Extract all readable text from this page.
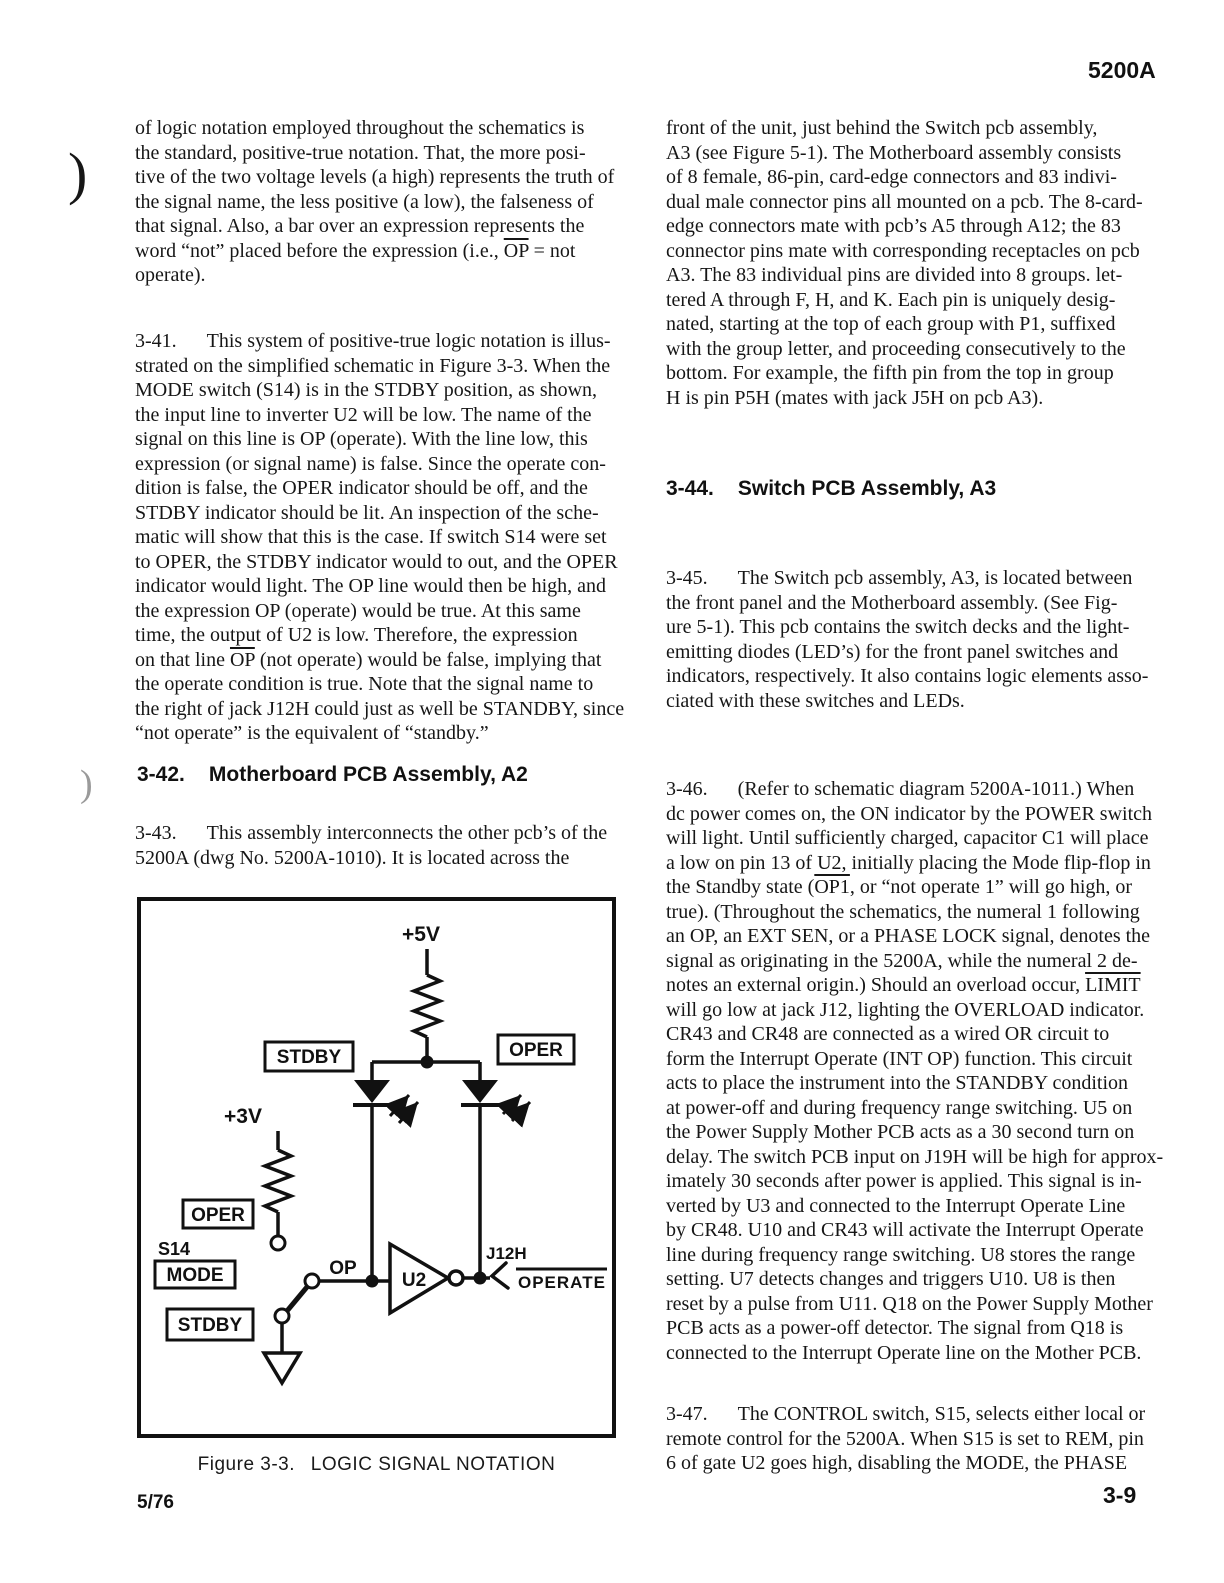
5200A
)
)
of logic notation employed throughout the schematics is
the standard, positive-true notation. That, the more posi-
tive of the two voltage levels (a high) represents the truth of
the signal name, the less positive (a low), the falseness of
that signal. Also, a bar over an expression represents the
word “not” placed before the expression (i.e., $\overline{OP}$ = not
operate).
3-41.  This system of positive-true logic notation is illus-
strated on the simplified schematic in Figure 3-3. When the
MODE switch (S14) is in the STDBY position, as shown,
the input line to inverter U2 will be low. The name of the
signal on this line is OP (operate). With the line low, this
expression (or signal name) is false. Since the operate con-
dition is false, the OPER indicator should be off, and the
STDBY indicator should be lit. An inspection of the sche-
matic will show that this is the case. If switch S14 were set
to OPER, the STDBY indicator would to out, and the OPER
indicator would light. The OP line would then be high, and
the expression OP (operate) would be true. At this same
time, the output of U2 is low. Therefore, the expression
on that line $\overline{OP}$ (not operate) would be false, implying that
the operate condition is true. Note that the signal name to
the right of jack J12H could just as well be STANDBY, since
“not operate” is the equivalent of “standby.”
3-42. Motherboard PCB Assembly, A2
3-43.  This assembly interconnects the other pcb’s of the
5200A (dwg No. 5200A-1010). It is located across the
+5V
STDBY	OPER
+3V
OPER
S14
MODE
STDBY
OP
U2
J12H
OPERATE
Figure 3-3.  LOGIC SIGNAL NOTATION
front of the unit, just behind the Switch pcb assembly,
A3 (see Figure 5-1). The Motherboard assembly consists
of 8 female, 86-pin, card-edge connectors and 83 indivi-
dual male connector pins all mounted on a pcb. The 8-card-
edge connectors mate with pcb’s A5 through A12; the 83
connector pins mate with corresponding receptacles on pcb
A3. The 83 individual pins are divided into 8 groups. let-
tered A through F, H, and K. Each pin is uniquely desig-
nated, starting at the top of each group with P1, suffixed
with the group letter, and proceeding consecutively to the
bottom. For example, the fifth pin from the top in group
H is pin P5H (mates with jack J5H on pcb A3).
3-44. Switch PCB Assembly, A3
3-45.  The Switch pcb assembly, A3, is located between
the front panel and the Motherboard assembly. (See Fig-
ure 5-1). This pcb contains the switch decks and the light-
emitting diodes (LED’s) for the front panel switches and
indicators, respectively. It also contains logic elements asso-
ciated with these switches and LEDs.
3-46.  (Refer to schematic diagram 5200A-1011.) When
dc power comes on, the ON indicator by the POWER switch
will light. Until sufficiently charged, capacitor C1 will place
a low on pin 13 of U2, initially placing the Mode flip-flop in
the Standby state (OP1, or “not operate 1” will go high, or
true). (Throughout the schematics, the numeral 1 following
an OP, an EXT SEN, or a PHASE LOCK signal, denotes the
signal as originating in the 5200A, while the numeral 2 de-
notes an external origin.) Should an overload occur, LIMIT
will go low at jack J12, lighting the OVERLOAD indicator.
CR43 and CR48 are connected as a wired OR circuit to
form the Interrupt Operate (INT OP) function. This circuit
acts to place the instrument into the STANDBY condition
at power-off and during frequency range switching. U5 on
the Power Supply Mother PCB acts as a 30 second turn on
delay. The switch PCB input on J19H will be high for approx-
imately 30 seconds after power is applied. This signal is in-
verted by U3 and connected to the Interrupt Operate Line
by CR48. U10 and CR43 will activate the Interrupt Operate
line during frequency range switching. U8 stores the range
setting. U7 detects changes and triggers U10. U8 is then
reset by a pulse from U11. Q18 on the Power Supply Mother
PCB acts as a power-off detector. The signal from Q18 is
connected to the Interrupt Operate line on the Mother PCB.
3-47.  The CONTROL switch, S15, selects either local or
remote control for the 5200A. When S15 is set to REM, pin
6 of gate U2 goes high, disabling the MODE, the PHASE
5/76	3-9
